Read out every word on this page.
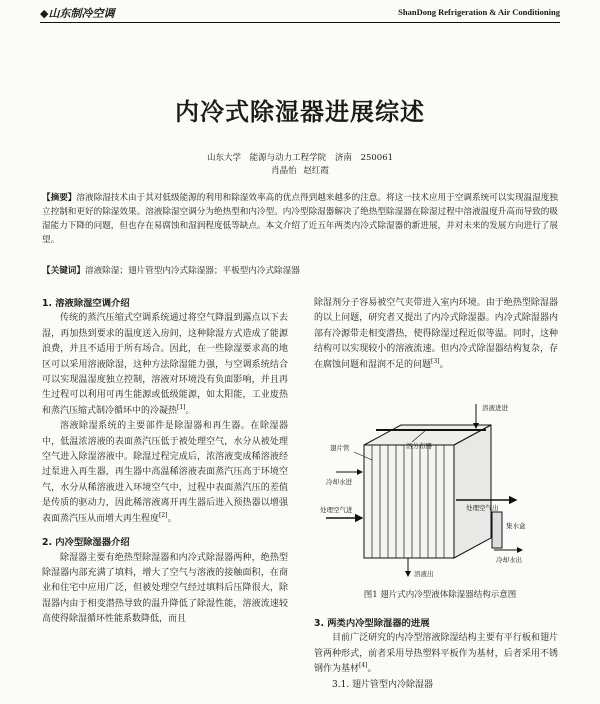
◆山东制冷空调	ShanDong Refrigeration & Air Conditioning
内冷式除湿器进展综述
山东大学 能源与动力工程学院 济南 250061
肖晶怡 赵红霞
【摘要】溶液除湿技术由于其对低级能源的利用和除湿效率高的优点得到越来越多的注意。将这一技术应用于空调系统可以实现温湿度独立控制和更好的除湿效果。溶液除湿空调分为绝热型和内冷型。内冷型除湿器解决了绝热型除湿器在除湿过程中溶液温度升高而导致的吸湿能力下降的问题，但也存在易腐蚀和湿润程度低等缺点。本文介绍了近五年两类内冷式除湿器的新进展，并对未来的发展方向进行了展望。
【关键词】溶液除湿；翅片管型内冷式除湿器；平板型内冷式除湿器
1. 溶液除湿空调介绍

传统的蒸汽压缩式空调系统通过将空气降温到露点以下去湿，再加热到要求的温度送入房间，这种除湿方式造成了能源浪费，并且不适用于所有场合。因此，在一些除湿要求高的地区可以采用溶液除湿，这种方法除湿能力强，与空调系统结合可以实现温湿度独立控制，溶液对环境没有负面影响，并且再生过程可以利用可再生能源或低级能源，如太阳能，工业废热和蒸汽压缩式制冷循环中的冷凝热[1]。

溶液除湿系统的主要部件是除湿器和再生器。在除湿器中，低温浓溶液的表面蒸汽压低于被处理空气，水分从被处理空气进入除湿溶液中。除湿过程完成后，浓溶液变成稀溶液经过泵进入再生器，再生器中高温稀溶液表面蒸汽压高于环境空气，水分从稀溶液进入环境空气中，过程中表面蒸汽压的差值是传质的驱动力，因此稀溶液离开再生器后进入预热器以增强表面蒸汽压从而增大再生程度[2]。

2. 内冷型除湿器介绍

除湿器主要有绝热型除湿器和内冷式除湿器两种，绝热型除湿器内部充满了填料，增大了空气与溶液的接触面积，在商业和住宅中应用广泛，但被处理空气经过填料后压降很大，除湿器内由于相变潜热导致的温升降低了除湿性能，溶液流速较高使得除湿循环性能系数降低，而且

除湿剂分子容易被空气夹带进入室内环境。由于绝热型除湿器的以上问题，研究者又提出了内冷式除湿器。内冷式除湿器内部有冷源带走相变潜热，使得除湿过程近似等温。同时，这种结构可以实现较小的溶液流速。但内冷式除湿器结构复杂，存在腐蚀问题和湿润不足的问题[3]。

溶液进进
溶分布器
翅片管
冷却水进
处理空气进	处理空气出
集水盒
冷却水出
溶液出
图1 翅片式内冷型液体除湿器结构示意图
3. 两类内冷型除湿器的进展

目前广泛研究的内冷型溶液除湿结构主要有平行板和翅片管两种形式，前者采用导热塑料平板作为基材，后者采用不锈钢作为基材[4]。

3.1. 翅片管型内冷除湿器
